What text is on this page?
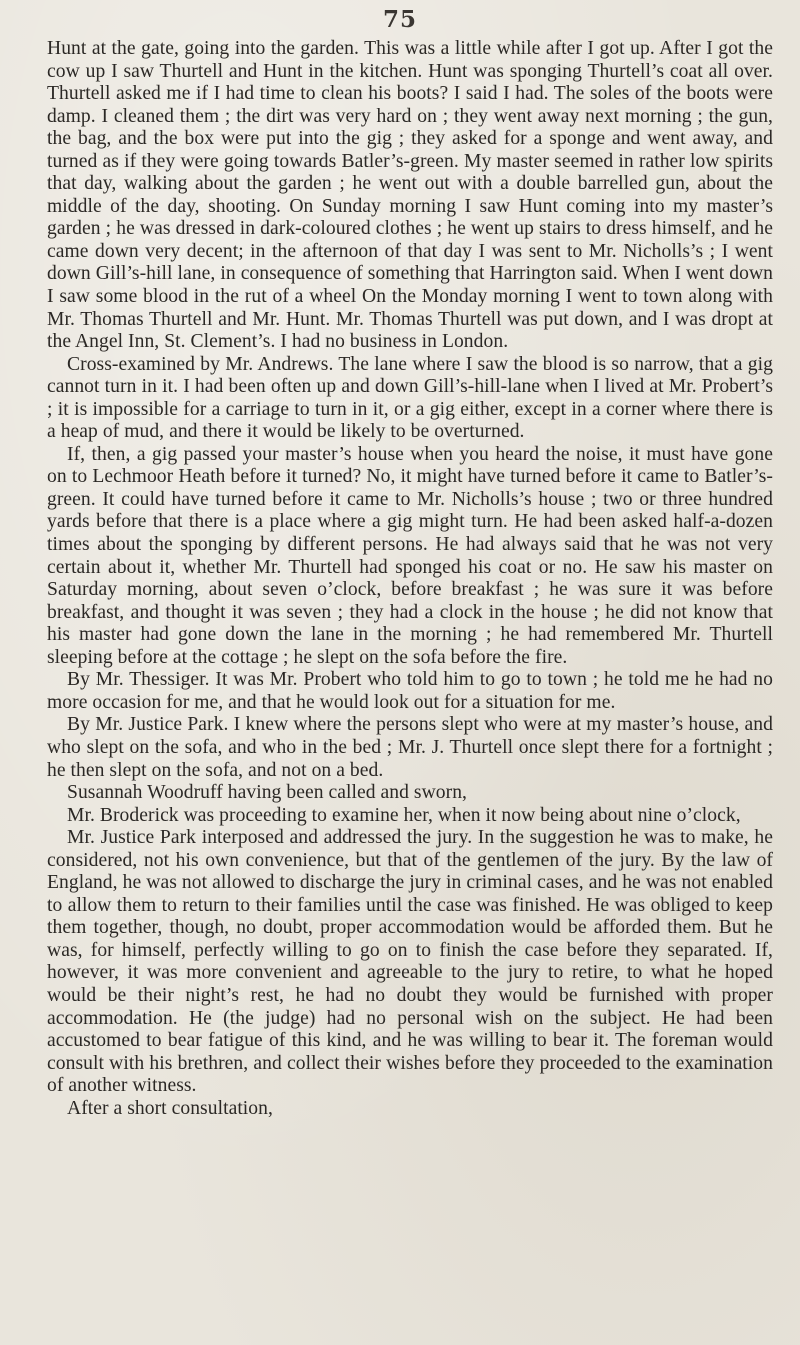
75

Hunt at the gate, going into the garden. This was a little while after I got up. After I got the cow up I saw Thurtell and Hunt in the kitchen. Hunt was sponging Thurtell’s coat all over. Thurtell asked me if I had time to clean his boots? I said I had. The soles of the boots were damp. I cleaned them ; the dirt was very hard on ; they went away next morning ; the gun, the bag, and the box were put into the gig ; they asked for a sponge and went away, and turned as if they were going towards Batler’s-green. My master seemed in rather low spirits that day, walking about the garden ; he went out with a double barrelled gun, about the middle of the day, shooting. On Sunday morning I saw Hunt coming into my master’s garden ; he was dressed in dark-coloured clothes ; he went up stairs to dress himself, and he came down very decent; in the afternoon of that day I was sent to Mr. Nicholls’s ; I went down Gill’s-hill lane, in consequence of something that Harrington said. When I went down I saw some blood in the rut of a wheel On the Monday morning I went to town along with Mr. Thomas Thurtell and Mr. Hunt. Mr. Thomas Thurtell was put down, and I was dropt at the Angel Inn, St. Clement’s. I had no business in London.

Cross-examined by Mr. Andrews. The lane where I saw the blood is so narrow, that a gig cannot turn in it. I had been often up and down Gill’s-hill-lane when I lived at Mr. Probert’s ; it is impossible for a carriage to turn in it, or a gig either, except in a corner where there is a heap of mud, and there it would be likely to be overturned.

If, then, a gig passed your master’s house when you heard the noise, it must have gone on to Lechmoor Heath before it turned? No, it might have turned before it came to Batler’s-green. It could have turned before it came to Mr. Nicholls’s house ; two or three hundred yards before that there is a place where a gig might turn. He had been asked half-a-dozen times about the sponging by different persons. He had always said that he was not very certain about it, whether Mr. Thurtell had sponged his coat or no. He saw his master on Saturday morning, about seven o’clock, before breakfast ; he was sure it was before breakfast, and thought it was seven ; they had a clock in the house ; he did not know that his master had gone down the lane in the morning ; he had remembered Mr. Thurtell sleeping before at the cottage ; he slept on the sofa before the fire.

By Mr. Thessiger. It was Mr. Probert who told him to go to town ; he told me he had no more occasion for me, and that he would look out for a situation for me.

By Mr. Justice Park. I knew where the persons slept who were at my master’s house, and who slept on the sofa, and who in the bed ; Mr. J. Thurtell once slept there for a fortnight ; he then slept on the sofa, and not on a bed.

Susannah Woodruff having been called and sworn,

Mr. Broderick was proceeding to examine her, when it now being about nine o’clock,

Mr. Justice Park interposed and addressed the jury. In the suggestion he was to make, he considered, not his own convenience, but that of the gentlemen of the jury. By the law of England, he was not allowed to discharge the jury in criminal cases, and he was not enabled to allow them to return to their families until the case was finished. He was obliged to keep them together, though, no doubt, proper accommodation would be afforded them. But he was, for himself, perfectly willing to go on to finish the case before they separated. If, however, it was more convenient and agreeable to the jury to retire, to what he hoped would be their night’s rest, he had no doubt they would be furnished with proper accommodation. He (the judge) had no personal wish on the subject. He had been accustomed to bear fatigue of this kind, and he was willing to bear it. The foreman would consult with his brethren, and collect their wishes before they proceeded to the examination of another witness.

After a short consultation,
